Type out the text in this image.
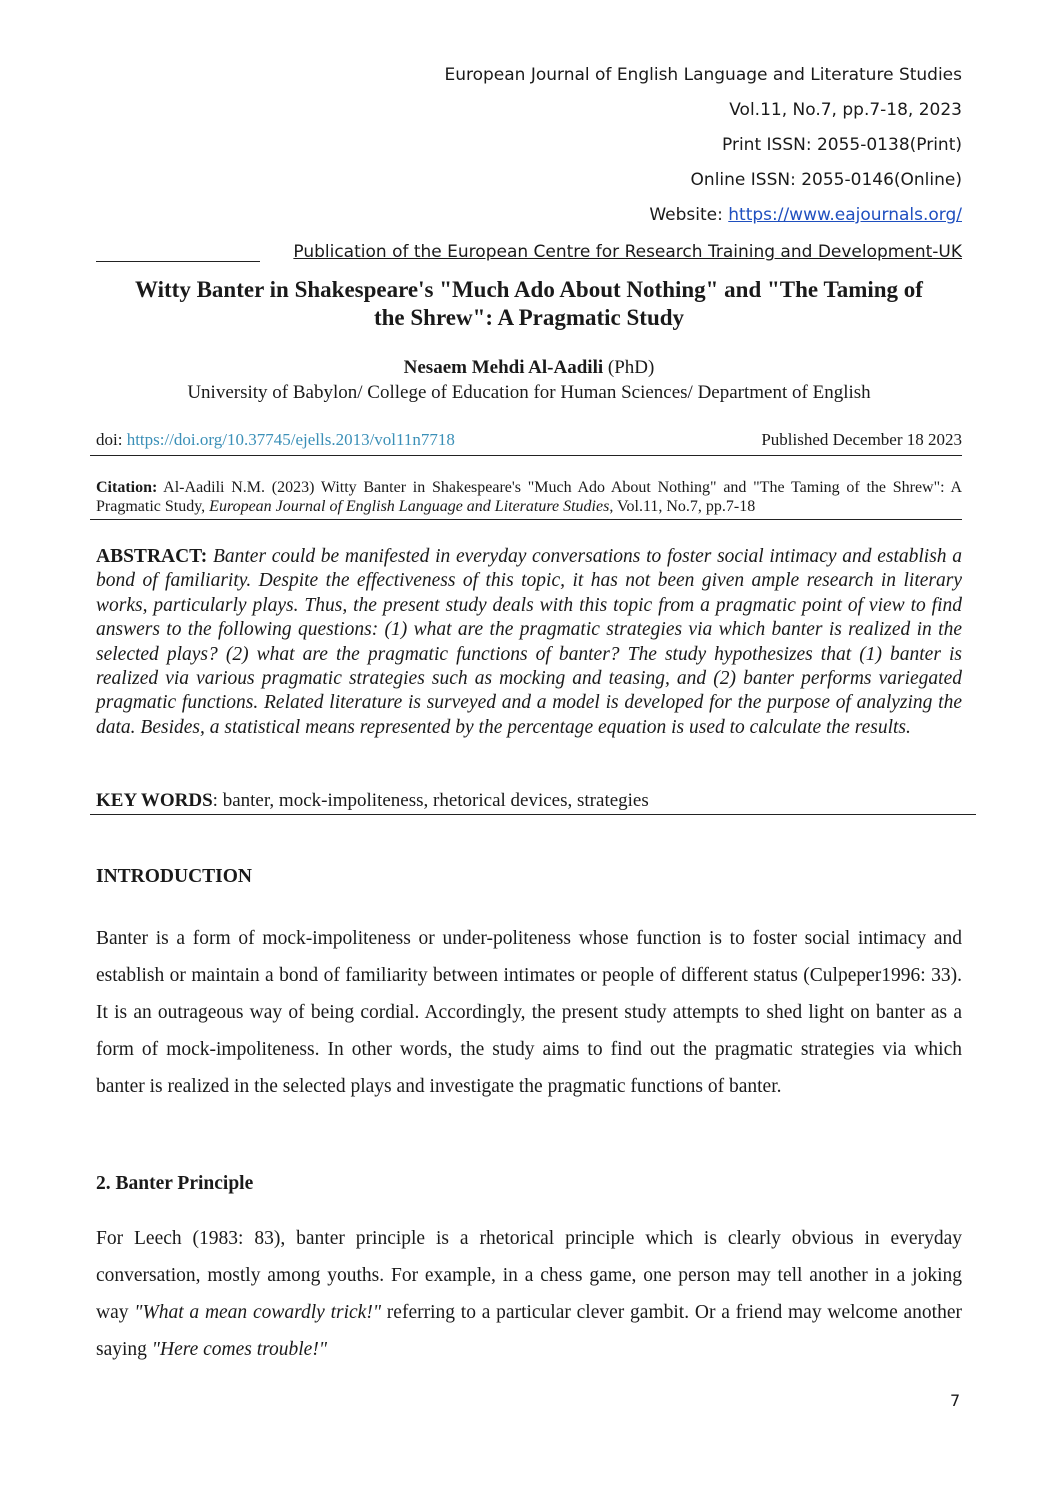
European Journal of English Language and Literature Studies
Vol.11, No.7, pp.7-18, 2023
Print ISSN: 2055-0138(Print)
Online ISSN: 2055-0146(Online)
Website: https://www.eajournals.org/
Publication of the European Centre for Research Training and Development-UK
Witty Banter in Shakespeare's "Much Ado About Nothing" and "The Taming of
the Shrew": A Pragmatic Study
Nesaem Mehdi Al-Aadili (PhD)
University of Babylon/ College of Education for Human Sciences/ Department of English
doi: https://doi.org/10.37745/ejells.2013/vol11n7718	Published December 18 2023
Citation: Al-Aadili N.M. (2023) Witty Banter in Shakespeare's "Much Ado About Nothing" and "The Taming of the Shrew": A Pragmatic Study, European Journal of English Language and Literature Studies, Vol.11, No.7, pp.7-18
ABSTRACT: Banter could be manifested in everyday conversations to foster social intimacy and establish a bond of familiarity. Despite the effectiveness of this topic, it has not been given ample research in literary works, particularly plays. Thus, the present study deals with this topic from a pragmatic point of view to find answers to the following questions: (1) what are the pragmatic strategies via which banter is realized in the selected plays? (2) what are the pragmatic functions of banter? The study hypothesizes that (1) banter is realized via various pragmatic strategies such as mocking and teasing, and (2) banter performs variegated pragmatic functions. Related literature is surveyed and a model is developed for the purpose of analyzing the data. Besides, a statistical means represented by the percentage equation is used to calculate the results.
KEY WORDS: banter, mock-impoliteness, rhetorical devices, strategies
INTRODUCTION
Banter is a form of mock-impoliteness or under-politeness whose function is to foster social intimacy and establish or maintain a bond of familiarity between intimates or people of different status (Culpeper1996: 33). It is an outrageous way of being cordial. Accordingly, the present study attempts to shed light on banter as a form of mock-impoliteness. In other words, the study aims to find out the pragmatic strategies via which banter is realized in the selected plays and investigate the pragmatic functions of banter.
2. Banter Principle
For Leech (1983: 83), banter principle is a rhetorical principle which is clearly obvious in everyday conversation, mostly among youths. For example, in a chess game, one person may tell another in a joking way "What a mean cowardly trick!" referring to a particular clever gambit. Or a friend may welcome another saying "Here comes trouble!"
7
